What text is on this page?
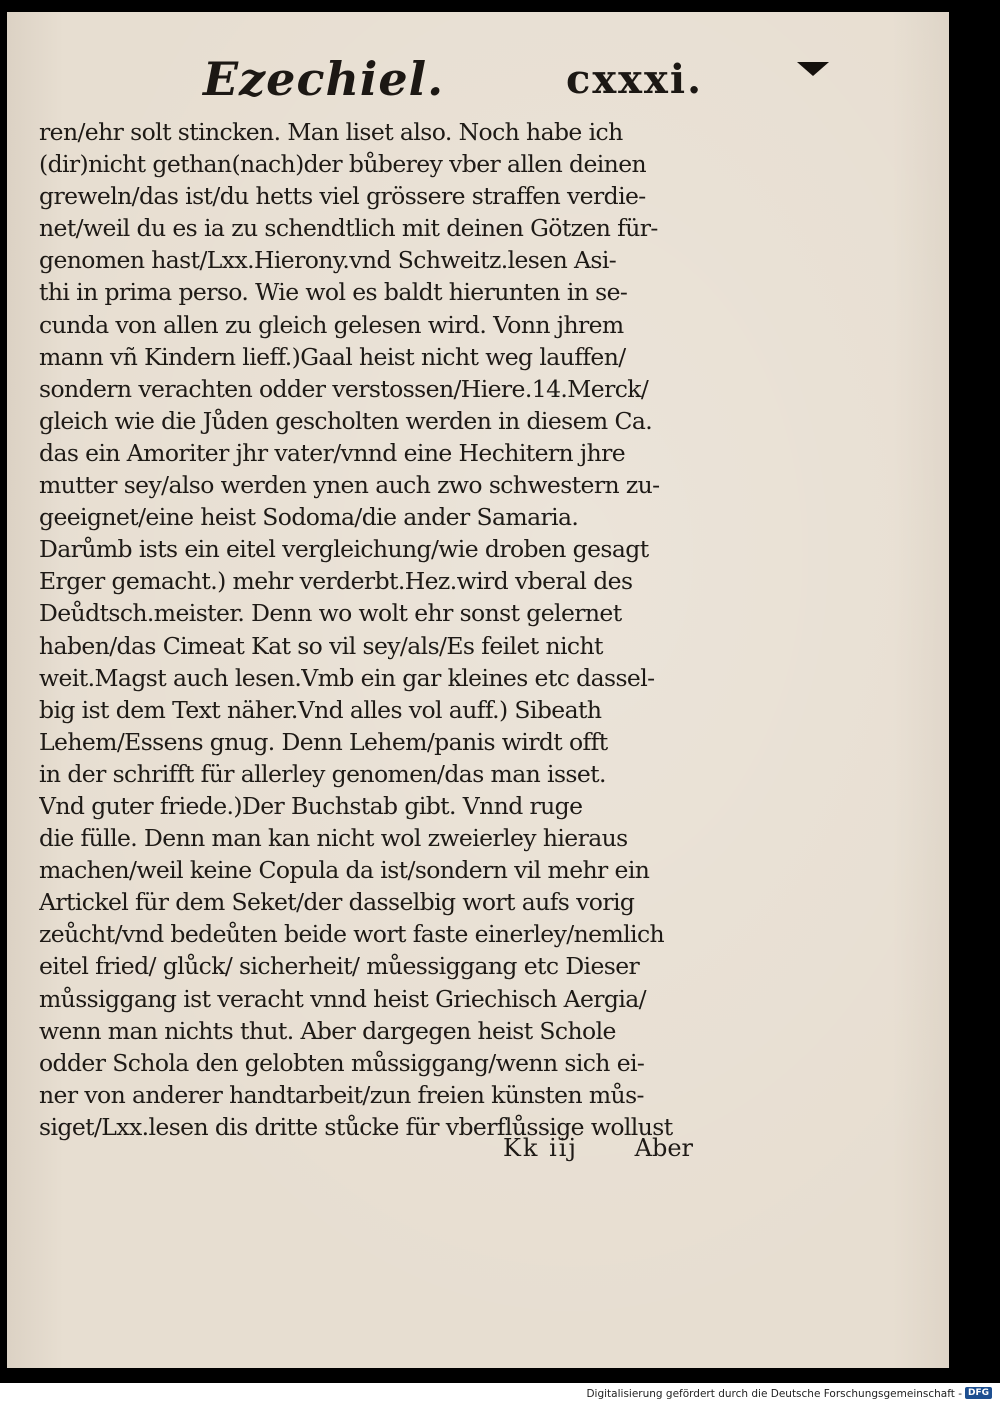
Ezechiel.	cxxxi.
ren/ehr solt stincken. Man liset also. Noch habe ich
(dir)nicht gethan(nach)der bůberey vber allen deinen
greweln/das ist/du hetts viel grössere straffen verdie-
net/weil du es ia zu schendtlich mit deinen Götzen für-
genomen hast/Lxx.Hierony.vnd Schweitz.lesen Asi-
thi in prima perso. Wie wol es baldt hierunten in se-
cunda von allen zu gleich gelesen wird. Vonn jhrem
mann vñ Kindern lieff.)Gaal heist nicht weg lauffen/
sondern verachten odder verstossen/Hiere.14.Merck/
gleich wie die Jůden gescholten werden in diesem Ca.
das ein Amoriter jhr vater/vnnd eine Hechitern jhre
mutter sey/also werden ynen auch zwo schwestern zu-
geeignet/eine heist Sodoma/die ander Samaria.
Darůmb ists ein eitel vergleichung/wie droben gesagt
Erger gemacht.) mehr verderbt.Hez.wird vberal des
Deůdtsch.meister. Denn wo wolt ehr sonst gelernet
haben/das Cimeat Kat so vil sey/als/Es feilet nicht
weit.Magst auch lesen.Vmb ein gar kleines etc dassel-
big ist dem Text näher.Vnd alles vol auff.) Sibeath
Lehem/Essens gnug. Denn Lehem/panis wirdt offt
in der schrifft für allerley genomen/das man isset.
Vnd guter friede.)Der Buchstab gibt. Vnnd ruge
die fülle. Denn man kan nicht wol zweierley hieraus
machen/weil keine Copula da ist/sondern vil mehr ein
Artickel für dem Seket/der dasselbig wort aufs vorig
zeůcht/vnd bedeůten beide wort faste einerley/nemlich
eitel fried/ glůck/ sicherheit/ můessiggang etc Dieser
můssiggang ist veracht vnnd heist Griechisch Aergia/
wenn man nichts thut. Aber dargegen heist Schole
odder Schola den gelobten můssiggang/wenn sich ei-
ner von anderer handtarbeit/zun freien künsten můs-
siget/Lxx.lesen dis dritte stůcke für vberflůssige wollust
Kk iij Aber
Digitalisierung gefördert durch die Deutsche Forschungsgemeinschaft - DFG
